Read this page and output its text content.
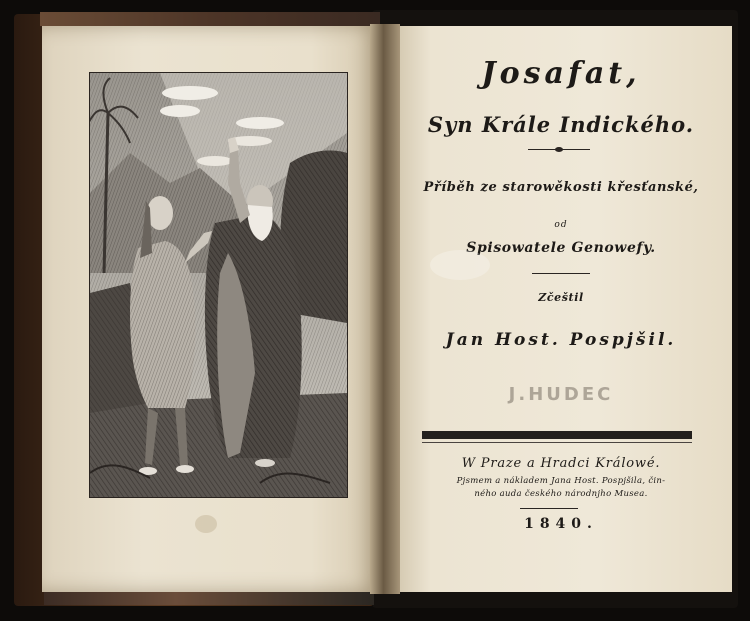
Josafat,
Syn Krále Indického.
Příběh ze starowěkosti křesťanské,
od
Spisowatele Genowefy.
Zčeštil
Jan Host. Pospjšil.
J.HUDEC
W Praze a Hradci Králowé.
Pjsmem a nákladem Jana Host. Pospjšila, čin-
ného auda českého národnjho Musea.
1840.
